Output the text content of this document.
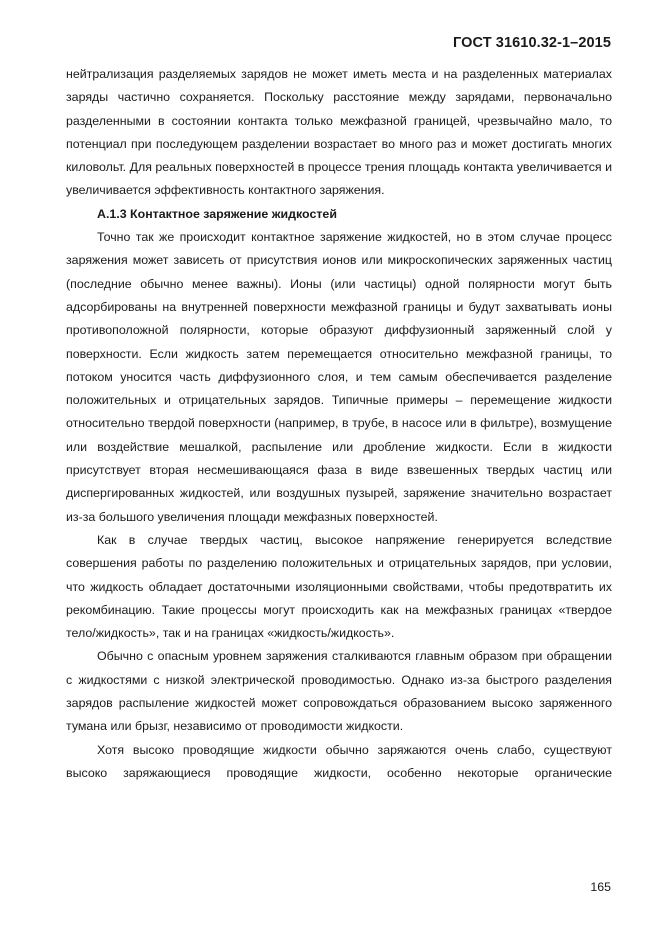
ГОСТ 31610.32-1–2015

нейтрализация разделяемых зарядов не может иметь места и на разделенных материалах заряды частично сохраняется. Поскольку расстояние между зарядами, первоначально разделенными в состоянии контакта только межфазной границей, чрезвычайно мало, то потенциал при последующем разделении возрастает во много раз и может достигать многих киловольт. Для реальных поверхностей в процессе трения площадь контакта увеличивается и увеличивается эффективность контактного заряжения.

А.1.3 Контактное заряжение жидкостей

Точно так же происходит контактное заряжение жидкостей, но в этом случае процесс заряжения может зависеть от присутствия ионов или микроскопических заряженных частиц (последние обычно менее важны). Ионы (или частицы) одной полярности могут быть адсорбированы на внутренней поверхности межфазной границы и будут захватывать ионы противоположной полярности, которые образуют диффузионный заряженный слой у поверхности. Если жидкость затем перемещается относительно межфазной границы, то потоком уносится часть диффузионного слоя, и тем самым обеспечивается разделение положительных и отрицательных зарядов. Типичные примеры – перемещение жидкости относительно твердой поверхности (например, в трубе, в насосе или в фильтре), возмущение или воздействие мешалкой, распыление или дробление жидкости. Если в жидкости присутствует вторая несмешивающаяся фаза в виде взвешенных твердых частиц или диспергированных жидкостей, или воздушных пузырей, заряжение значительно возрастает из-за большого увеличения площади межфазных поверхностей.

Как в случае твердых частиц, высокое напряжение генерируется вследствие совершения работы по разделению положительных и отрицательных зарядов, при условии, что жидкость обладает достаточными изоляционными свойствами, чтобы предотвратить их рекомбинацию. Такие процессы могут происходить как на межфазных границах «твердое тело/жидкость», так и на границах «жидкость/жидкость».

Обычно с опасным уровнем заряжения сталкиваются главным образом при обращении с жидкостями с низкой электрической проводимостью. Однако из-за быстрого разделения зарядов распыление жидкостей может сопровождаться образованием высоко заряженного тумана или брызг, независимо от проводимости жидкости.

Хотя высоко проводящие жидкости обычно заряжаются очень слабо, существуют высоко заряжающиеся проводящие жидкости, особенно некоторые органические

165
